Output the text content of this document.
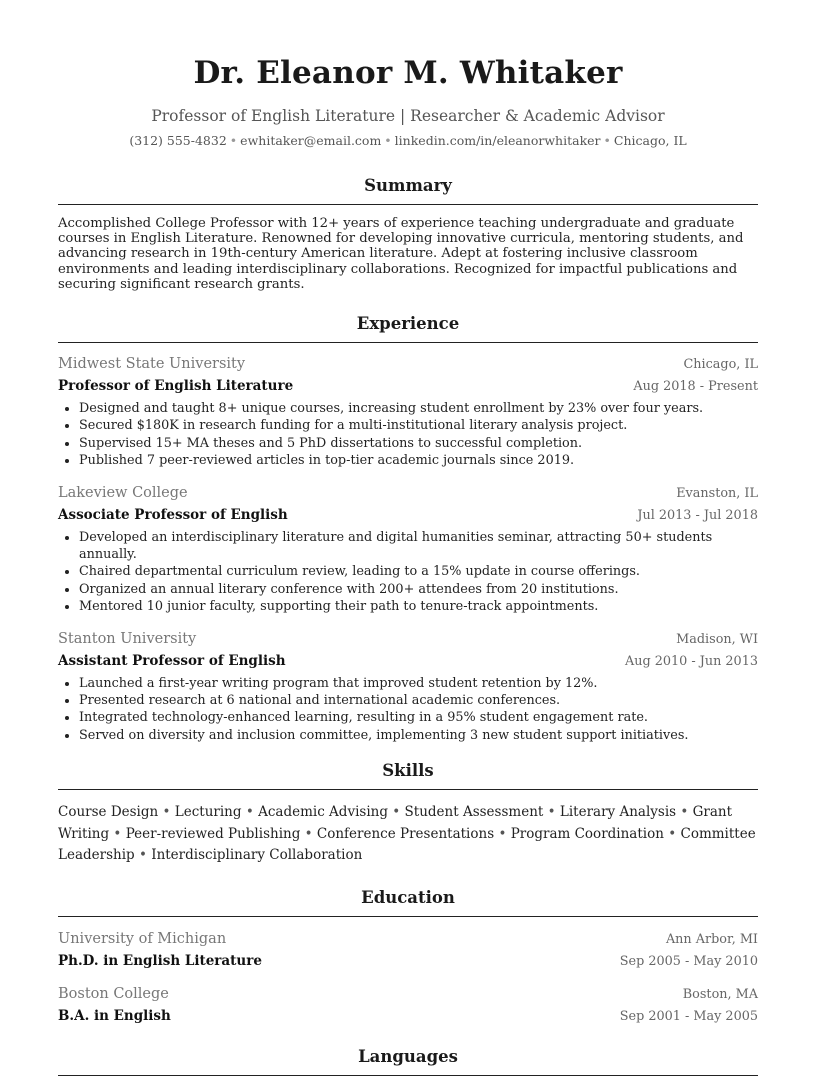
Dr. Eleanor M. Whitaker
Professor of English Literature | Researcher & Academic Advisor
(312) 555-4832 • ewhitaker@email.com • linkedin.com/in/eleanorwhitaker • Chicago, IL
Summary
Accomplished College Professor with 12+ years of experience teaching undergraduate and graduate courses in English Literature. Renowned for developing innovative curricula, mentoring students, and advancing research in 19th-century American literature. Adept at fostering inclusive classroom environments and leading interdisciplinary collaborations. Recognized for impactful publications and securing significant research grants.
Experience
Midwest State University	Chicago, IL
Professor of English Literature	Aug 2018 - Present
• Designed and taught 8+ unique courses, increasing student enrollment by 23% over four years.
• Secured $180K in research funding for a multi-institutional literary analysis project.
• Supervised 15+ MA theses and 5 PhD dissertations to successful completion.
• Published 7 peer-reviewed articles in top-tier academic journals since 2019.
Lakeview College	Evanston, IL
Associate Professor of English	Jul 2013 - Jul 2018
• Developed an interdisciplinary literature and digital humanities seminar, attracting 50+ students annually.
• Chaired departmental curriculum review, leading to a 15% update in course offerings.
• Organized an annual literary conference with 200+ attendees from 20 institutions.
• Mentored 10 junior faculty, supporting their path to tenure-track appointments.
Stanton University	Madison, WI
Assistant Professor of English	Aug 2010 - Jun 2013
• Launched a first-year writing program that improved student retention by 12%.
• Presented research at 6 national and international academic conferences.
• Integrated technology-enhanced learning, resulting in a 95% student engagement rate.
• Served on diversity and inclusion committee, implementing 3 new student support initiatives.
Skills
Course Design • Lecturing • Academic Advising • Student Assessment • Literary Analysis • Grant Writing • Peer-reviewed Publishing • Conference Presentations • Program Coordination • Committee Leadership • Interdisciplinary Collaboration
Education
University of Michigan	Ann Arbor, MI
Ph.D. in English Literature	Sep 2005 - May 2010
Boston College	Boston, MA
B.A. in English	Sep 2001 - May 2005
Languages
